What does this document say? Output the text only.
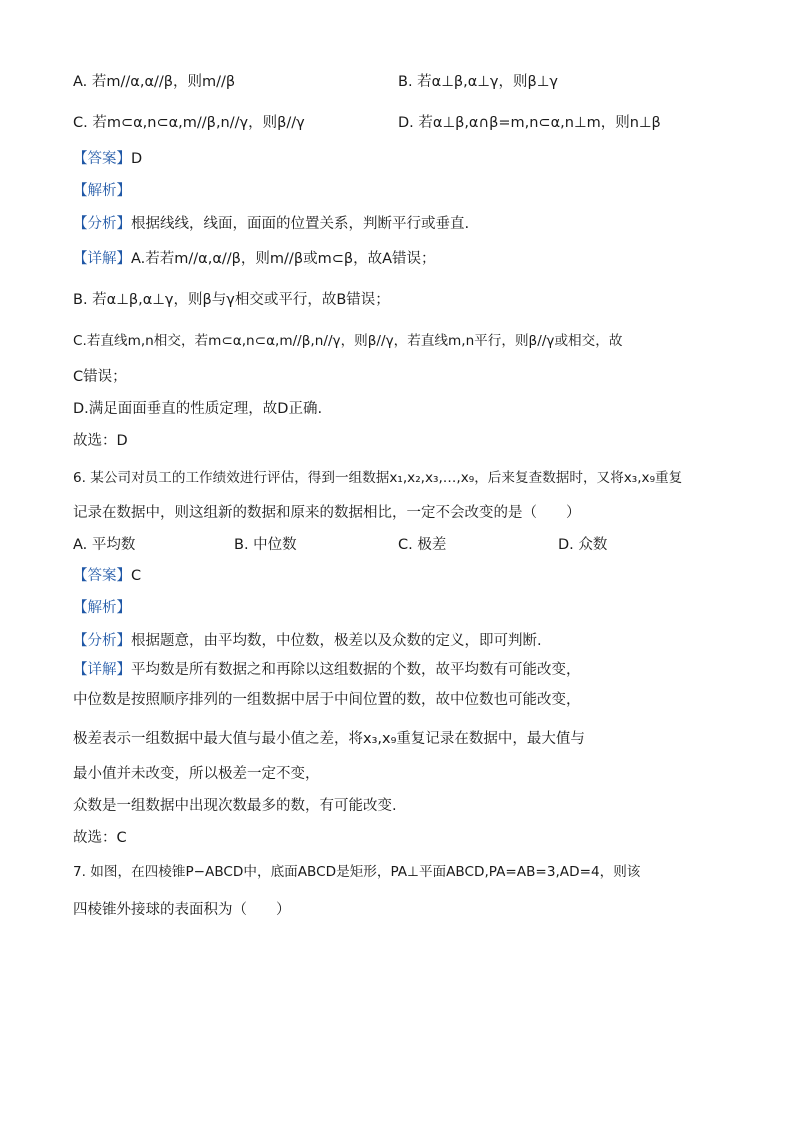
A. 若m//α,α//β，则m//β	B. 若α⊥β,α⊥γ，则β⊥γ
C. 若m⊂α,n⊂α,m//β,n//γ，则β//γ	D. 若α⊥β,α∩β=m,n⊂α,n⊥m，则n⊥β
【答案】D
【解析】
【分析】根据线线，线面，面面的位置关系，判断平行或垂直.
【详解】A.若若m//α,α//β，则m//β或m⊂β，故A错误；
B. 若α⊥β,α⊥γ，则β与γ相交或平行，故B错误；
C.若直线m,n相交，若m⊂α,n⊂α,m//β,n//γ，则β//γ，若直线m,n平行，则β//γ或相交，故
C错误；
D.满足面面垂直的性质定理，故D正确.
故选：D
6. 某公司对员工的工作绩效进行评估，得到一组数据x₁,x₂,x₃,…,x₉，后来复查数据时，又将x₃,x₉重复
记录在数据中，则这组新的数据和原来的数据相比，一定不会改变的是（　　）
A. 平均数	B. 中位数	C. 极差	D. 众数
【答案】C
【解析】
【分析】根据题意，由平均数，中位数，极差以及众数的定义，即可判断.
【详解】平均数是所有数据之和再除以这组数据的个数，故平均数有可能改变，
中位数是按照顺序排列的一组数据中居于中间位置的数，故中位数也可能改变，
极差表示一组数据中最大值与最小值之差，将x₃,x₉重复记录在数据中，最大值与
最小值并未改变，所以极差一定不变，
众数是一组数据中出现次数最多的数，有可能改变.
故选：C
7. 如图，在四棱锥P−ABCD中，底面ABCD是矩形，PA⊥平面ABCD,PA=AB=3,AD=4，则该
四棱锥外接球的表面积为（　　）
